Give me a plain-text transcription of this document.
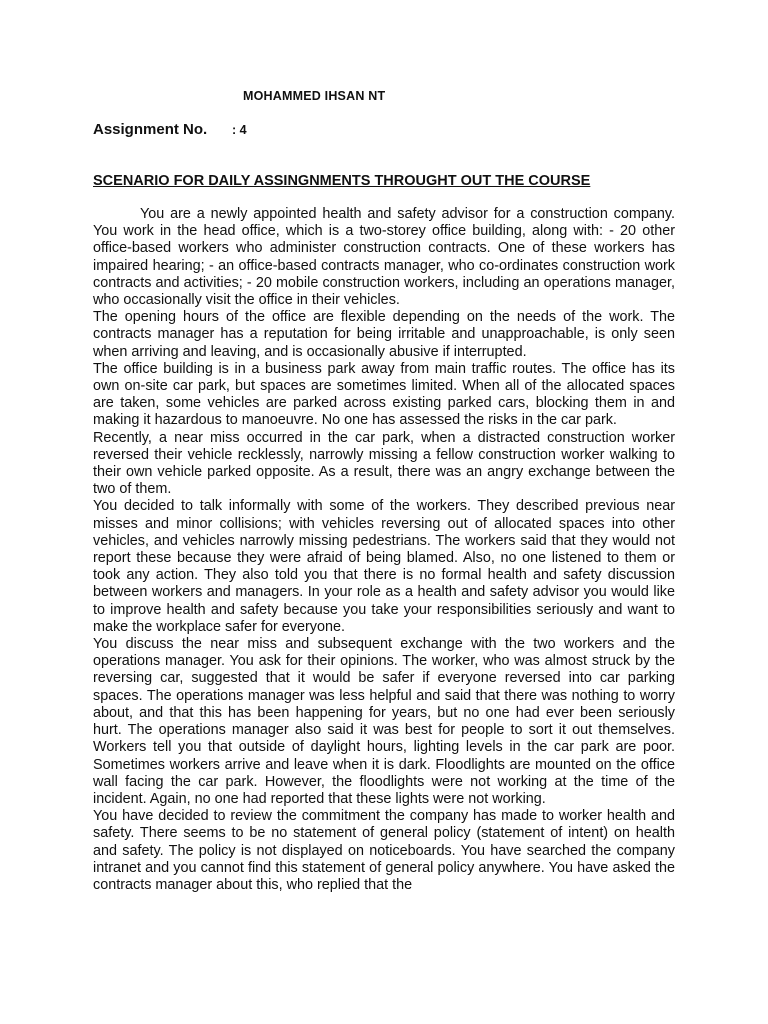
MOHAMMED IHSAN NT
Assignment No. : 4
SCENARIO FOR DAILY ASSINGNMENTS THROUGHT OUT THE COURSE

You are a newly appointed health and safety advisor for a construction company. You work in the head office, which is a two-storey office building, along with: - 20 other office-based workers who administer construction contracts. One of these workers has impaired hearing; - an office-based contracts manager, who co-ordinates construction work contracts and activities; - 20 mobile construction workers, including an operations manager, who occasionally visit the office in their vehicles.

The opening hours of the office are flexible depending on the needs of the work. The contracts manager has a reputation for being irritable and unapproachable, is only seen when arriving and leaving, and is occasionally abusive if interrupted.

The office building is in a business park away from main traffic routes. The office has its own on-site car park, but spaces are sometimes limited. When all of the allocated spaces are taken, some vehicles are parked across existing parked cars, blocking them in and making it hazardous to manoeuvre. No one has assessed the risks in the car park.

Recently, a near miss occurred in the car park, when a distracted construction worker reversed their vehicle recklessly, narrowly missing a fellow construction worker walking to their own vehicle parked opposite. As a result, there was an angry exchange between the two of them.

You decided to talk informally with some of the workers. They described previous near misses and minor collisions; with vehicles reversing out of allocated spaces into other vehicles, and vehicles narrowly missing pedestrians. The workers said that they would not report these because they were afraid of being blamed. Also, no one listened to them or took any action. They also told you that there is no formal health and safety discussion between workers and managers. In your role as a health and safety advisor you would like to improve health and safety because you take your responsibilities seriously and want to make the workplace safer for everyone.

You discuss the near miss and subsequent exchange with the two workers and the operations manager. You ask for their opinions. The worker, who was almost struck by the reversing car, suggested that it would be safer if everyone reversed into car parking spaces. The operations manager was less helpful and said that there was nothing to worry about, and that this has been happening for years, but no one had ever been seriously hurt. The operations manager also said it was best for people to sort it out themselves. Workers tell you that outside of daylight hours, lighting levels in the car park are poor. Sometimes workers arrive and leave when it is dark. Floodlights are mounted on the office wall facing the car park. However, the floodlights were not working at the time of the incident. Again, no one had reported that these lights were not working.

You have decided to review the commitment the company has made to worker health and safety. There seems to be no statement of general policy (statement of intent) on health and safety. The policy is not displayed on noticeboards. You have searched the company intranet and you cannot find this statement of general policy anywhere. You have asked the contracts manager about this, who replied that the
